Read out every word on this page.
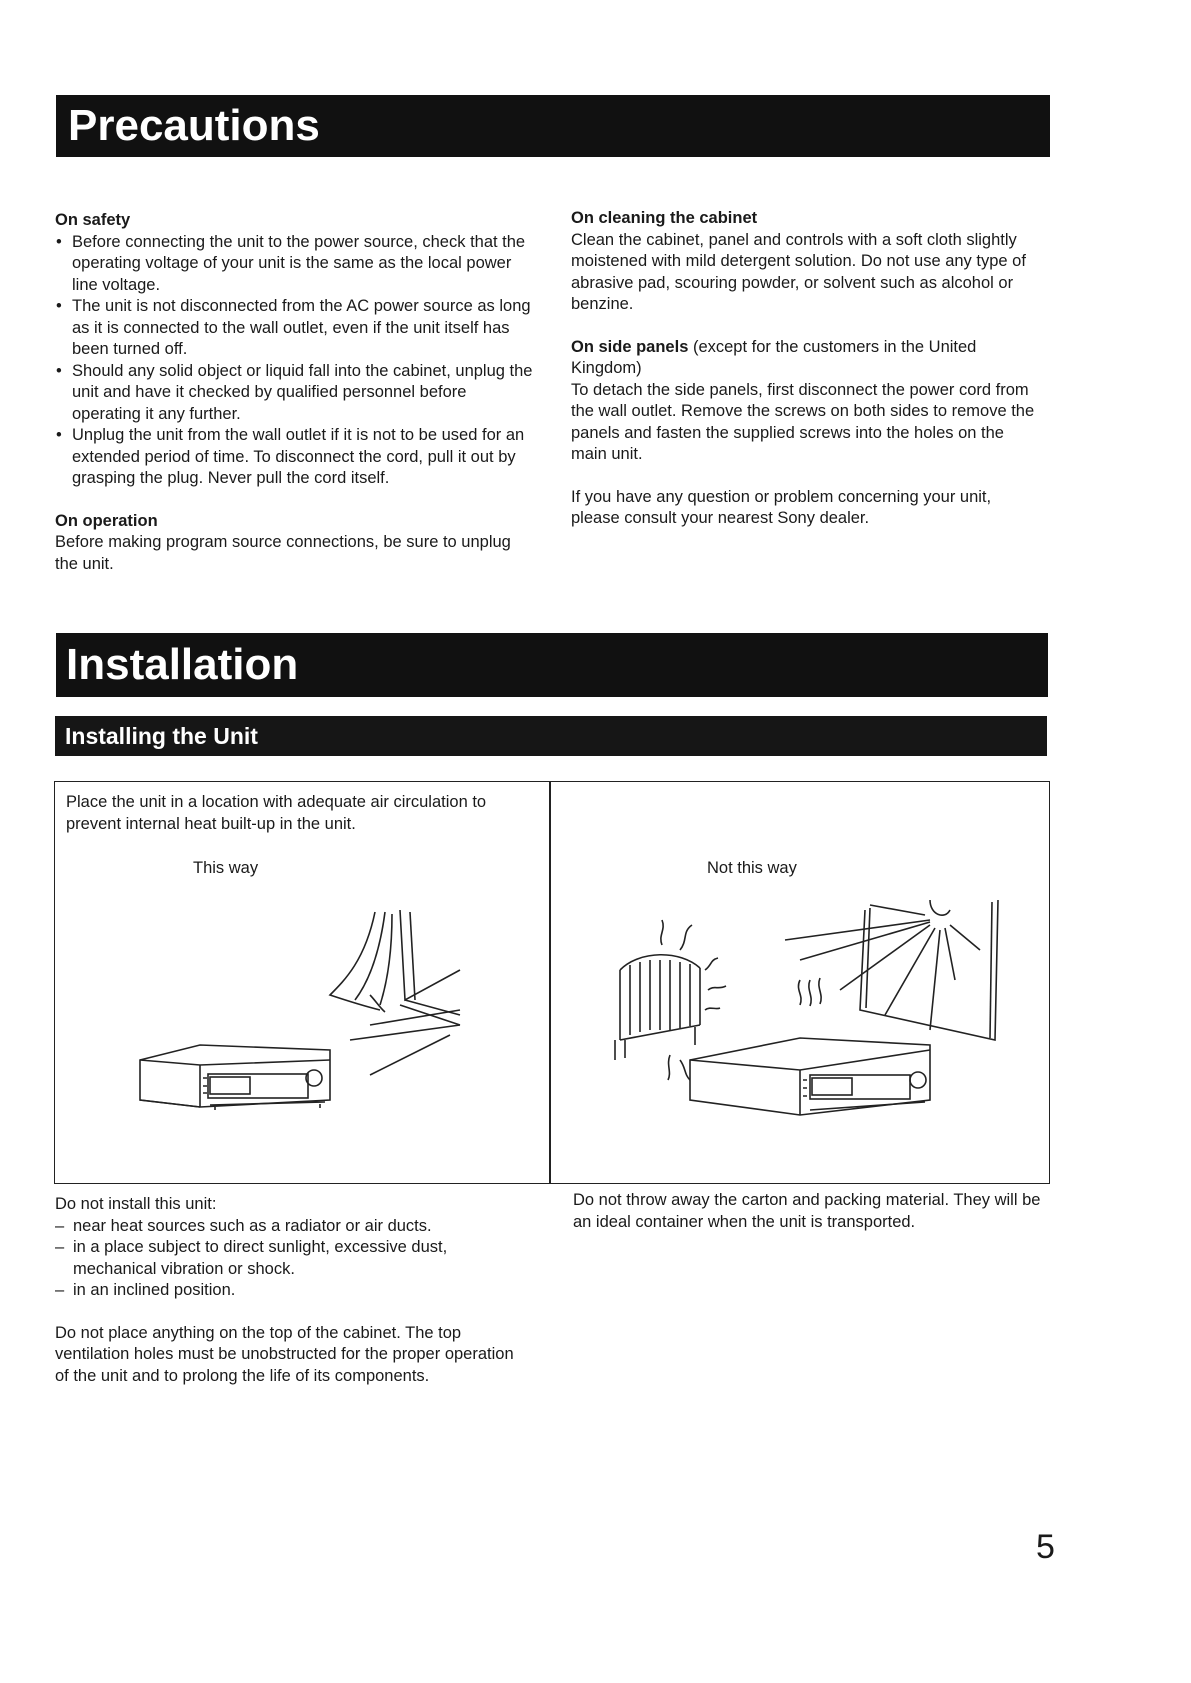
Precautions
On safety
• Before connecting the unit to the power source, check that the operating voltage of your unit is the same as the local power line voltage.
• The unit is not disconnected from the AC power source as long as it is connected to the wall outlet, even if the unit itself has been turned off.
• Should any solid object or liquid fall into the cabinet, unplug the unit and have it checked by qualified personnel before operating it any further.
• Unplug the unit from the wall outlet if it is not to be used for an extended period of time. To disconnect the cord, pull it out by grasping the plug. Never pull the cord itself.
On operation

Before making program source connections, be sure to unplug the unit.

On cleaning the cabinet

Clean the cabinet, panel and controls with a soft cloth slightly moistened with mild detergent solution. Do not use any type of abrasive pad, scouring powder, or solvent such as alcohol or benzine.

On side panels (except for the customers in the United Kingdom)

To detach the side panels, first disconnect the power cord from the wall outlet. Remove the screws on both sides to remove the panels and fasten the supplied screws into the holes on the main unit.

If you have any question or problem concerning your unit, please consult your nearest Sony dealer.

Installation
Installing the Unit
Place the unit in a location with adequate air circulation to prevent internal heat built-up in the unit.
This way	Not this way

Do not install this unit:

– near heat sources such as a radiator or air ducts.
– in a place subject to direct sunlight, excessive dust, mechanical vibration or shock.
– in an inclined position.

Do not place anything on the top of the cabinet. The top ventilation holes must be unobstructed for the proper operation of the unit and to prolong the life of its components.

Do not throw away the carton and packing material. They will be an ideal container when the unit is transported.
5
